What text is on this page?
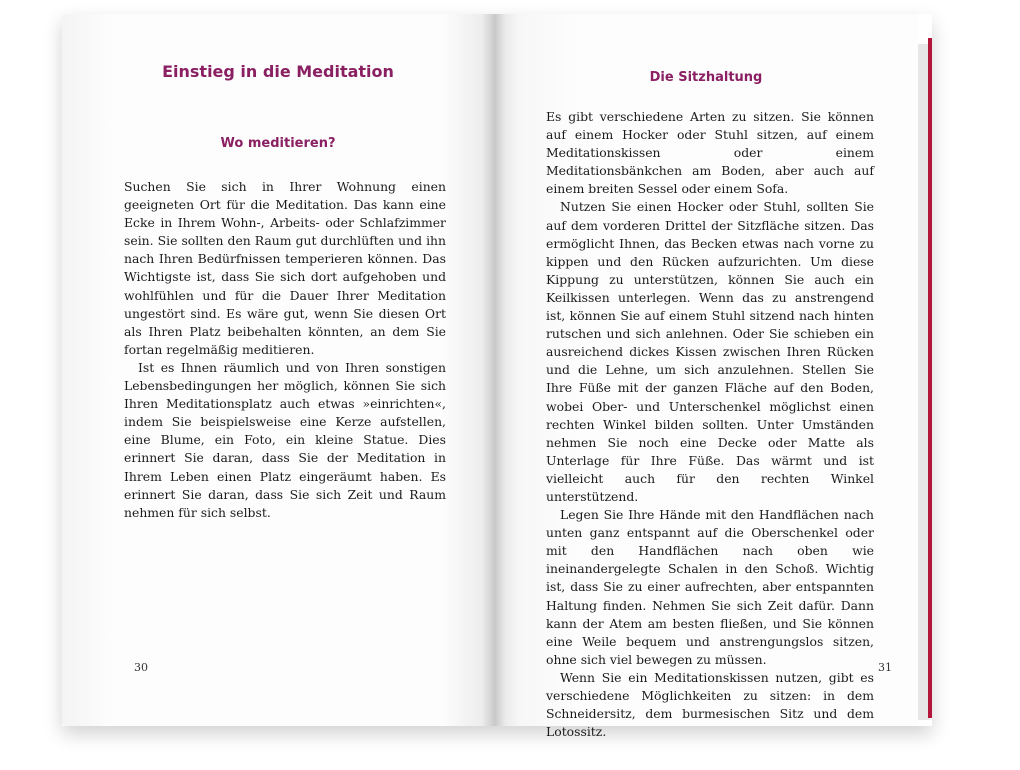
Einstieg in die Meditation
Wo meditieren?

Suchen Sie sich in Ihrer Wohnung einen geeigneten Ort für die Meditation. Das kann eine Ecke in Ihrem Wohn-, Arbeits- oder Schlafzimmer sein. Sie sollten den Raum gut durchlüften und ihn nach Ihren Bedürfnissen temperieren können. Das Wichtigste ist, dass Sie sich dort aufgehoben und wohlfühlen und für die Dauer Ihrer Meditation ungestört sind. Es wäre gut, wenn Sie diesen Ort als Ihren Platz beibehalten könnten, an dem Sie fortan regelmäßig meditieren.

Ist es Ihnen räumlich und von Ihren sonstigen Lebensbedingungen her möglich, können Sie sich Ihren Meditationsplatz auch etwas »einrichten«, indem Sie beispielsweise eine Kerze aufstellen, eine Blume, ein Foto, ein kleine Statue. Dies erinnert Sie daran, dass Sie der Meditation in Ihrem Leben einen Platz eingeräumt haben. Es erinnert Sie daran, dass Sie sich Zeit und Raum nehmen für sich selbst.

30
Die Sitzhaltung

Es gibt verschiedene Arten zu sitzen. Sie können auf einem Hocker oder Stuhl sitzen, auf einem Meditationskissen oder einem Meditationsbänkchen am Boden, aber auch auf einem breiten Sessel oder einem Sofa.

Nutzen Sie einen Hocker oder Stuhl, sollten Sie auf dem vorderen Drittel der Sitzfläche sitzen. Das ermöglicht Ihnen, das Becken etwas nach vorne zu kippen und den Rücken aufzurichten. Um diese Kippung zu unterstützen, können Sie auch ein Keilkissen unterlegen. Wenn das zu anstrengend ist, können Sie auf einem Stuhl sitzend nach hinten rutschen und sich anlehnen. Oder Sie schieben ein ausreichend dickes Kissen zwischen Ihren Rücken und die Lehne, um sich anzulehnen. Stellen Sie Ihre Füße mit der ganzen Fläche auf den Boden, wobei Ober- und Unterschenkel möglichst einen rechten Winkel bilden sollten. Unter Umständen nehmen Sie noch eine Decke oder Matte als Unterlage für Ihre Füße. Das wärmt und ist vielleicht auch für den rechten Winkel unterstützend.

Legen Sie Ihre Hände mit den Handflächen nach unten ganz entspannt auf die Oberschenkel oder mit den Handflächen nach oben wie ineinandergelegte Schalen in den Schoß. Wichtig ist, dass Sie zu einer aufrechten, aber entspannten Haltung finden. Nehmen Sie sich Zeit dafür. Dann kann der Atem am besten fließen, und Sie können eine Weile bequem und anstrengungslos sitzen, ohne sich viel bewegen zu müssen.

Wenn Sie ein Meditationskissen nutzen, gibt es verschiedene Möglichkeiten zu sitzen: in dem Schneidersitz, dem burmesischen Sitz und dem Lotossitz.

31
